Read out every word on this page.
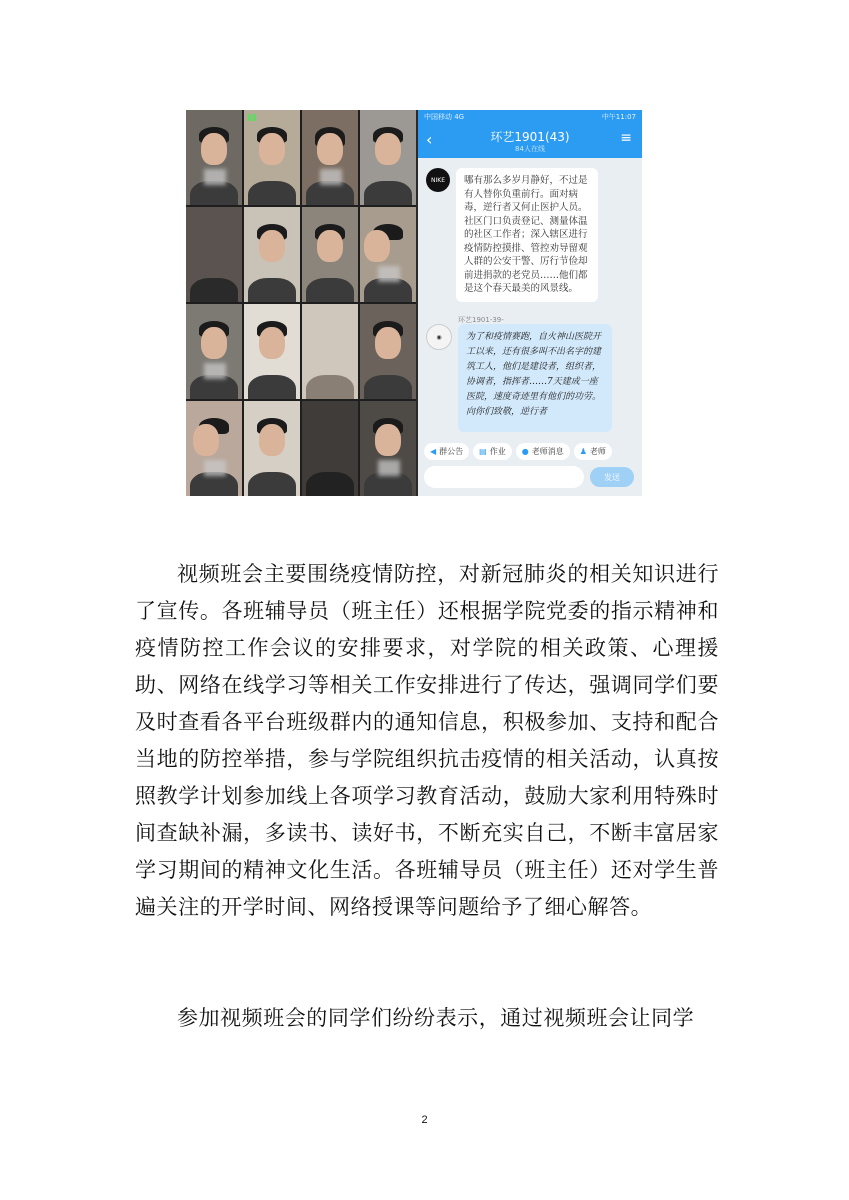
▮▮	中国移动 4G	中午11:07
‹	环艺1901(43)
84人在线
≡
NIKE	哪有那么多岁月静好，不过是有人替你负重前行。面对病毒，逆行者又何止医护人员。社区门口负责登记、测量体温的社区工作者；深入辖区进行疫情防控摸排、管控劝导留观人群的公安干警、厉行节俭却前进捐款的老党员……他们都是这个春天最美的风景线。
环艺1901-39-
◉	为了和疫情赛跑，自火神山医院开工以来，还有很多叫不出名字的建筑工人，他们是建设者，组织者，协调者，指挥者……7天建成一座医院，速度奇迹里有他们的功劳。向你们致敬，逆行者
◀ 群公告 ▤ 作业 ● 老师消息 ♟ 老师
发送

视频班会主要围绕疫情防控，对新冠肺炎的相关知识进行了宣传。各班辅导员（班主任）还根据学院党委的指示精神和疫情防控工作会议的安排要求，对学院的相关政策、心理援助、网络在线学习等相关工作安排进行了传达，强调同学们要及时查看各平台班级群内的通知信息，积极参加、支持和配合当地的防控举措，参与学院组织抗击疫情的相关活动，认真按照教学计划参加线上各项学习教育活动，鼓励大家利用特殊时间查缺补漏，多读书、读好书，不断充实自己，不断丰富居家学习期间的精神文化生活。各班辅导员（班主任）还对学生普遍关注的开学时间、网络授课等问题给予了细心解答。

参加视频班会的同学们纷纷表示，通过视频班会让同学

2
